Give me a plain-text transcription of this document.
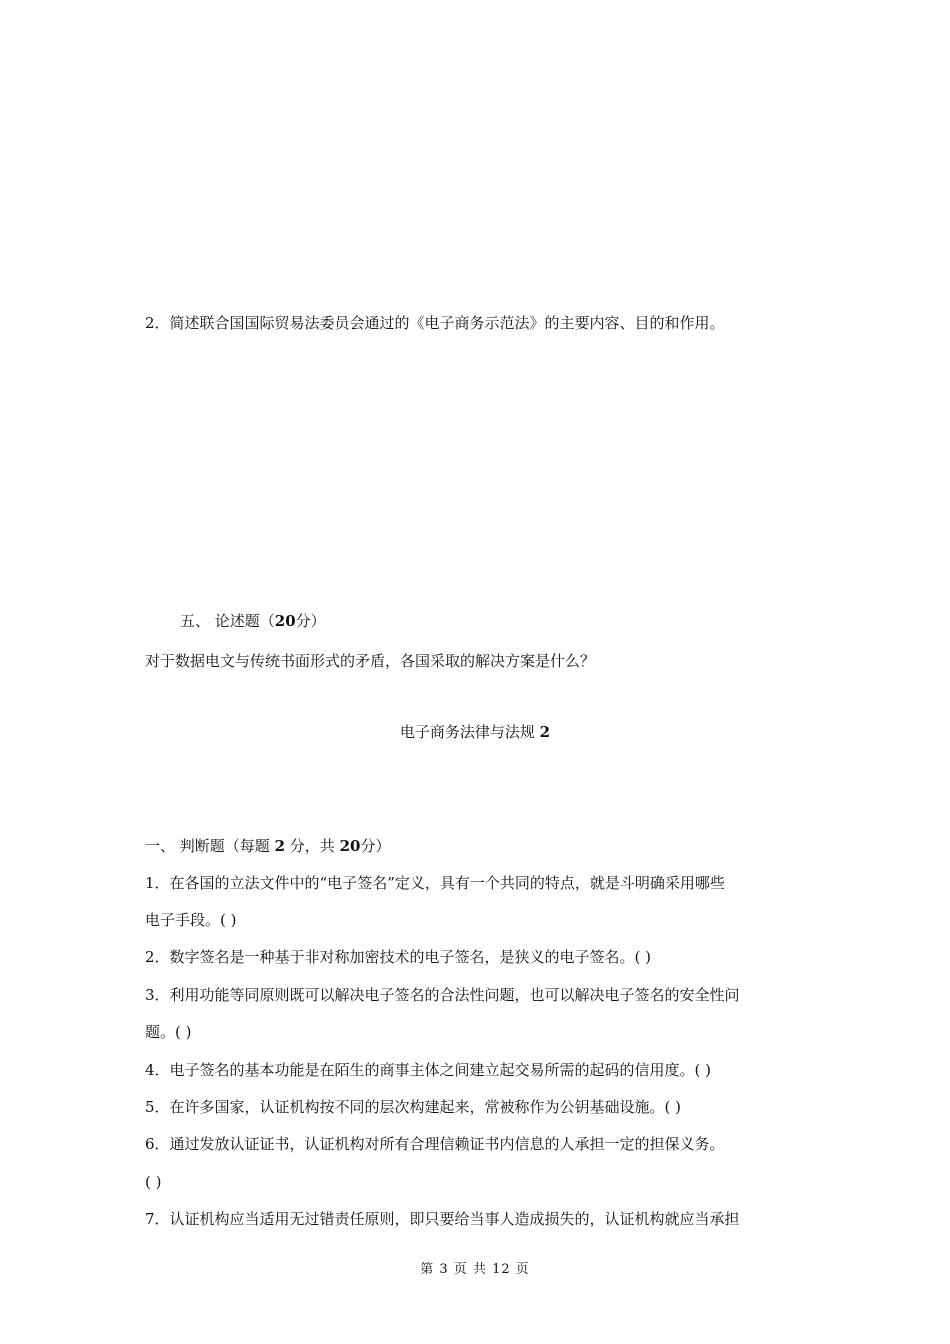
2．简述联合国国际贸易法委员会通过的《电子商务示范法》的主要内容、目的和作用。
五、 论述题（20分）
对于数据电文与传统书面形式的矛盾，各国采取的解决方案是什么？
电子商务法律与法规 2
一、 判断题（每题 2 分，共 20分）
1．在各国的立法文件中的“电子签名”定义，具有一个共同的特点，就是斗明确采用哪些
电子手段。( )
2．数字签名是一种基于非对称加密技术的电子签名，是狭义的电子签名。( )
3．利用功能等同原则既可以解决电子签名的合法性问题，也可以解决电子签名的安全性问
题。( )
4．电子签名的基本功能是在陌生的商事主体之间建立起交易所需的起码的信用度。( )
5．在许多国家，认证机构按不同的层次构建起来，常被称作为公钥基础设施。( )
6．通过发放认证证书，认证机构对所有合理信赖证书内信息的人承担一定的担保义务。
( )
7．认证机构应当适用无过错责任原则，即只要给当事人造成损失的，认证机构就应当承担
第 3 页 共 12 页
